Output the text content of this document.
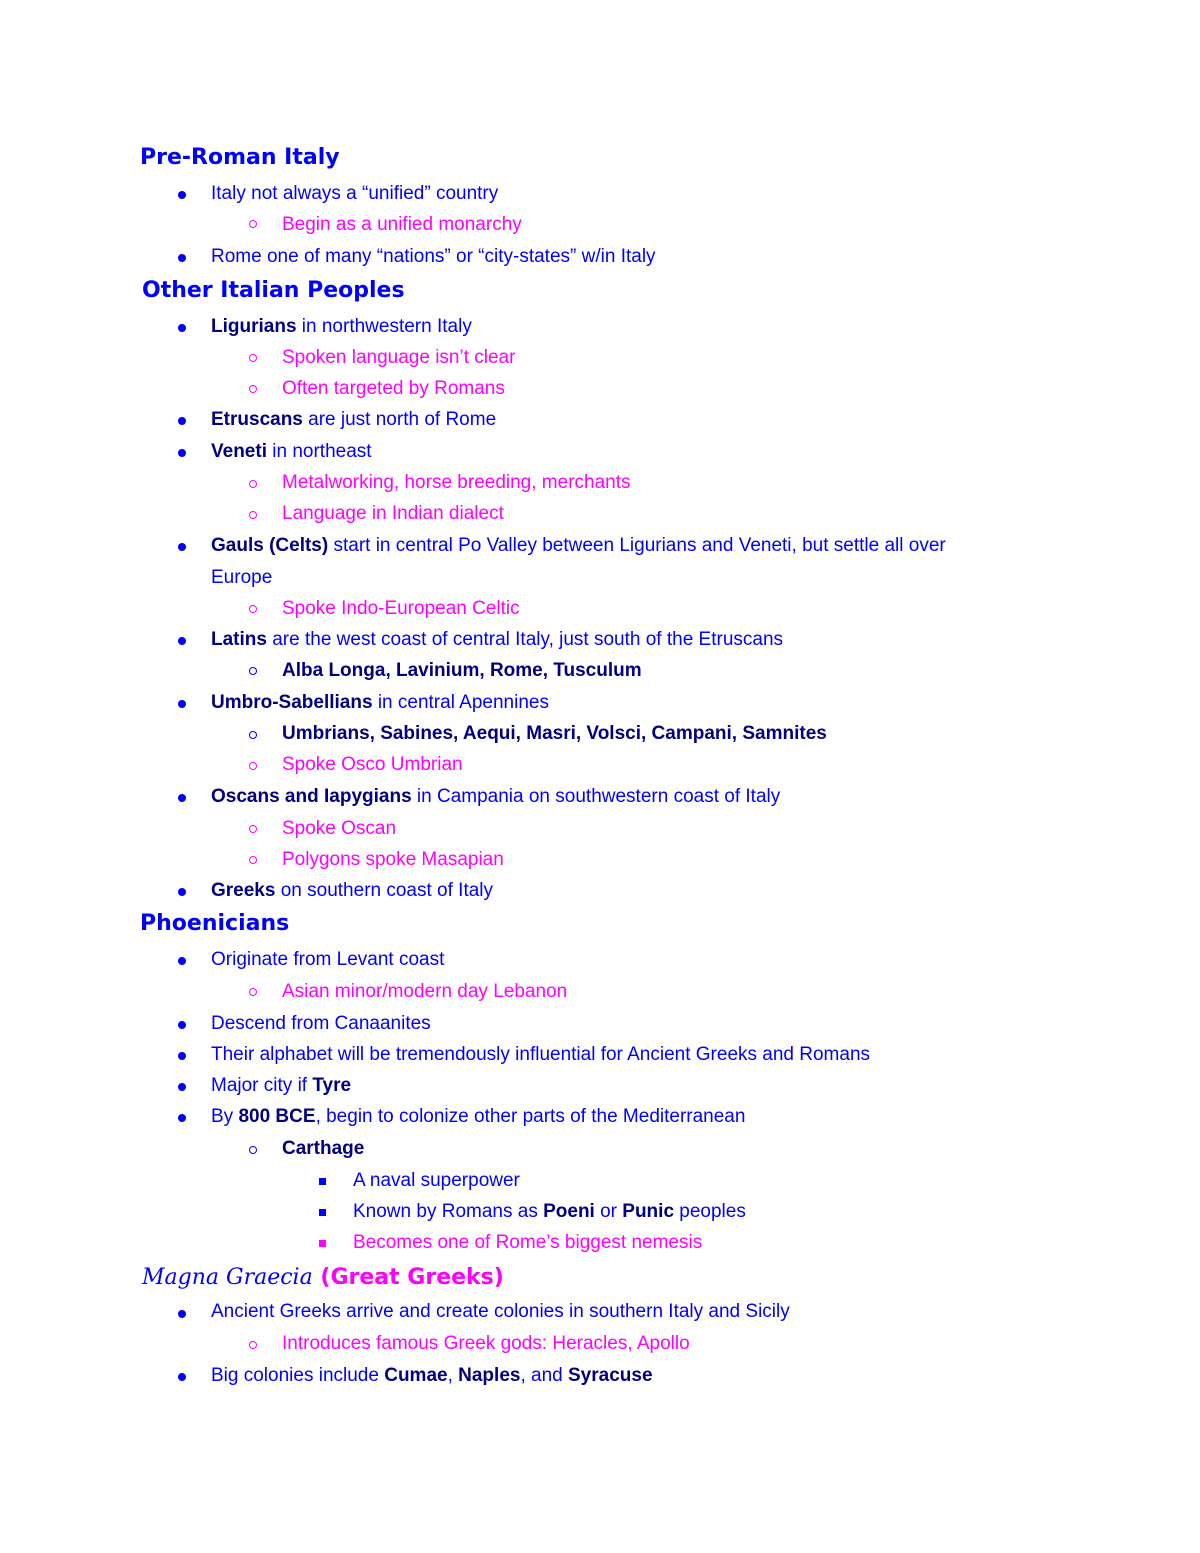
Pre-Roman Italy
Italy not always a “unified” country
Begin as a unified monarchy
Rome one of many “nations” or “city-states” w/in Italy
Other Italian Peoples
Ligurians in northwestern Italy
Spoken language isn’t clear
Often targeted by Romans
Etruscans are just north of Rome
Veneti in northeast
Metalworking, horse breeding, merchants
Language in Indian dialect
Gauls (Celts) start in central Po Valley between Ligurians and Veneti, but settle all over
Europe
Spoke Indo-European Celtic
Latins are the west coast of central Italy, just south of the Etruscans
Alba Longa, Lavinium, Rome, Tusculum
Umbro-Sabellians in central Apennines
Umbrians, Sabines, Aequi, Masri, Volsci, Campani, Samnites
Spoke Osco Umbrian
Oscans and Iapygians in Campania on southwestern coast of Italy
Spoke Oscan
Polygons spoke Masapian
Greeks on southern coast of Italy
Phoenicians
Originate from Levant coast
Asian minor/modern day Lebanon
Descend from Canaanites
Their alphabet will be tremendously influential for Ancient Greeks and Romans
Major city if Tyre
By 800 BCE, begin to colonize other parts of the Mediterranean
Carthage
A naval superpower
Known by Romans as Poeni or Punic peoples
Becomes one of Rome’s biggest nemesis
Magna Graecia (Great Greeks)
Ancient Greeks arrive and create colonies in southern Italy and Sicily
Introduces famous Greek gods: Heracles, Apollo
Big colonies include Cumae, Naples, and Syracuse
